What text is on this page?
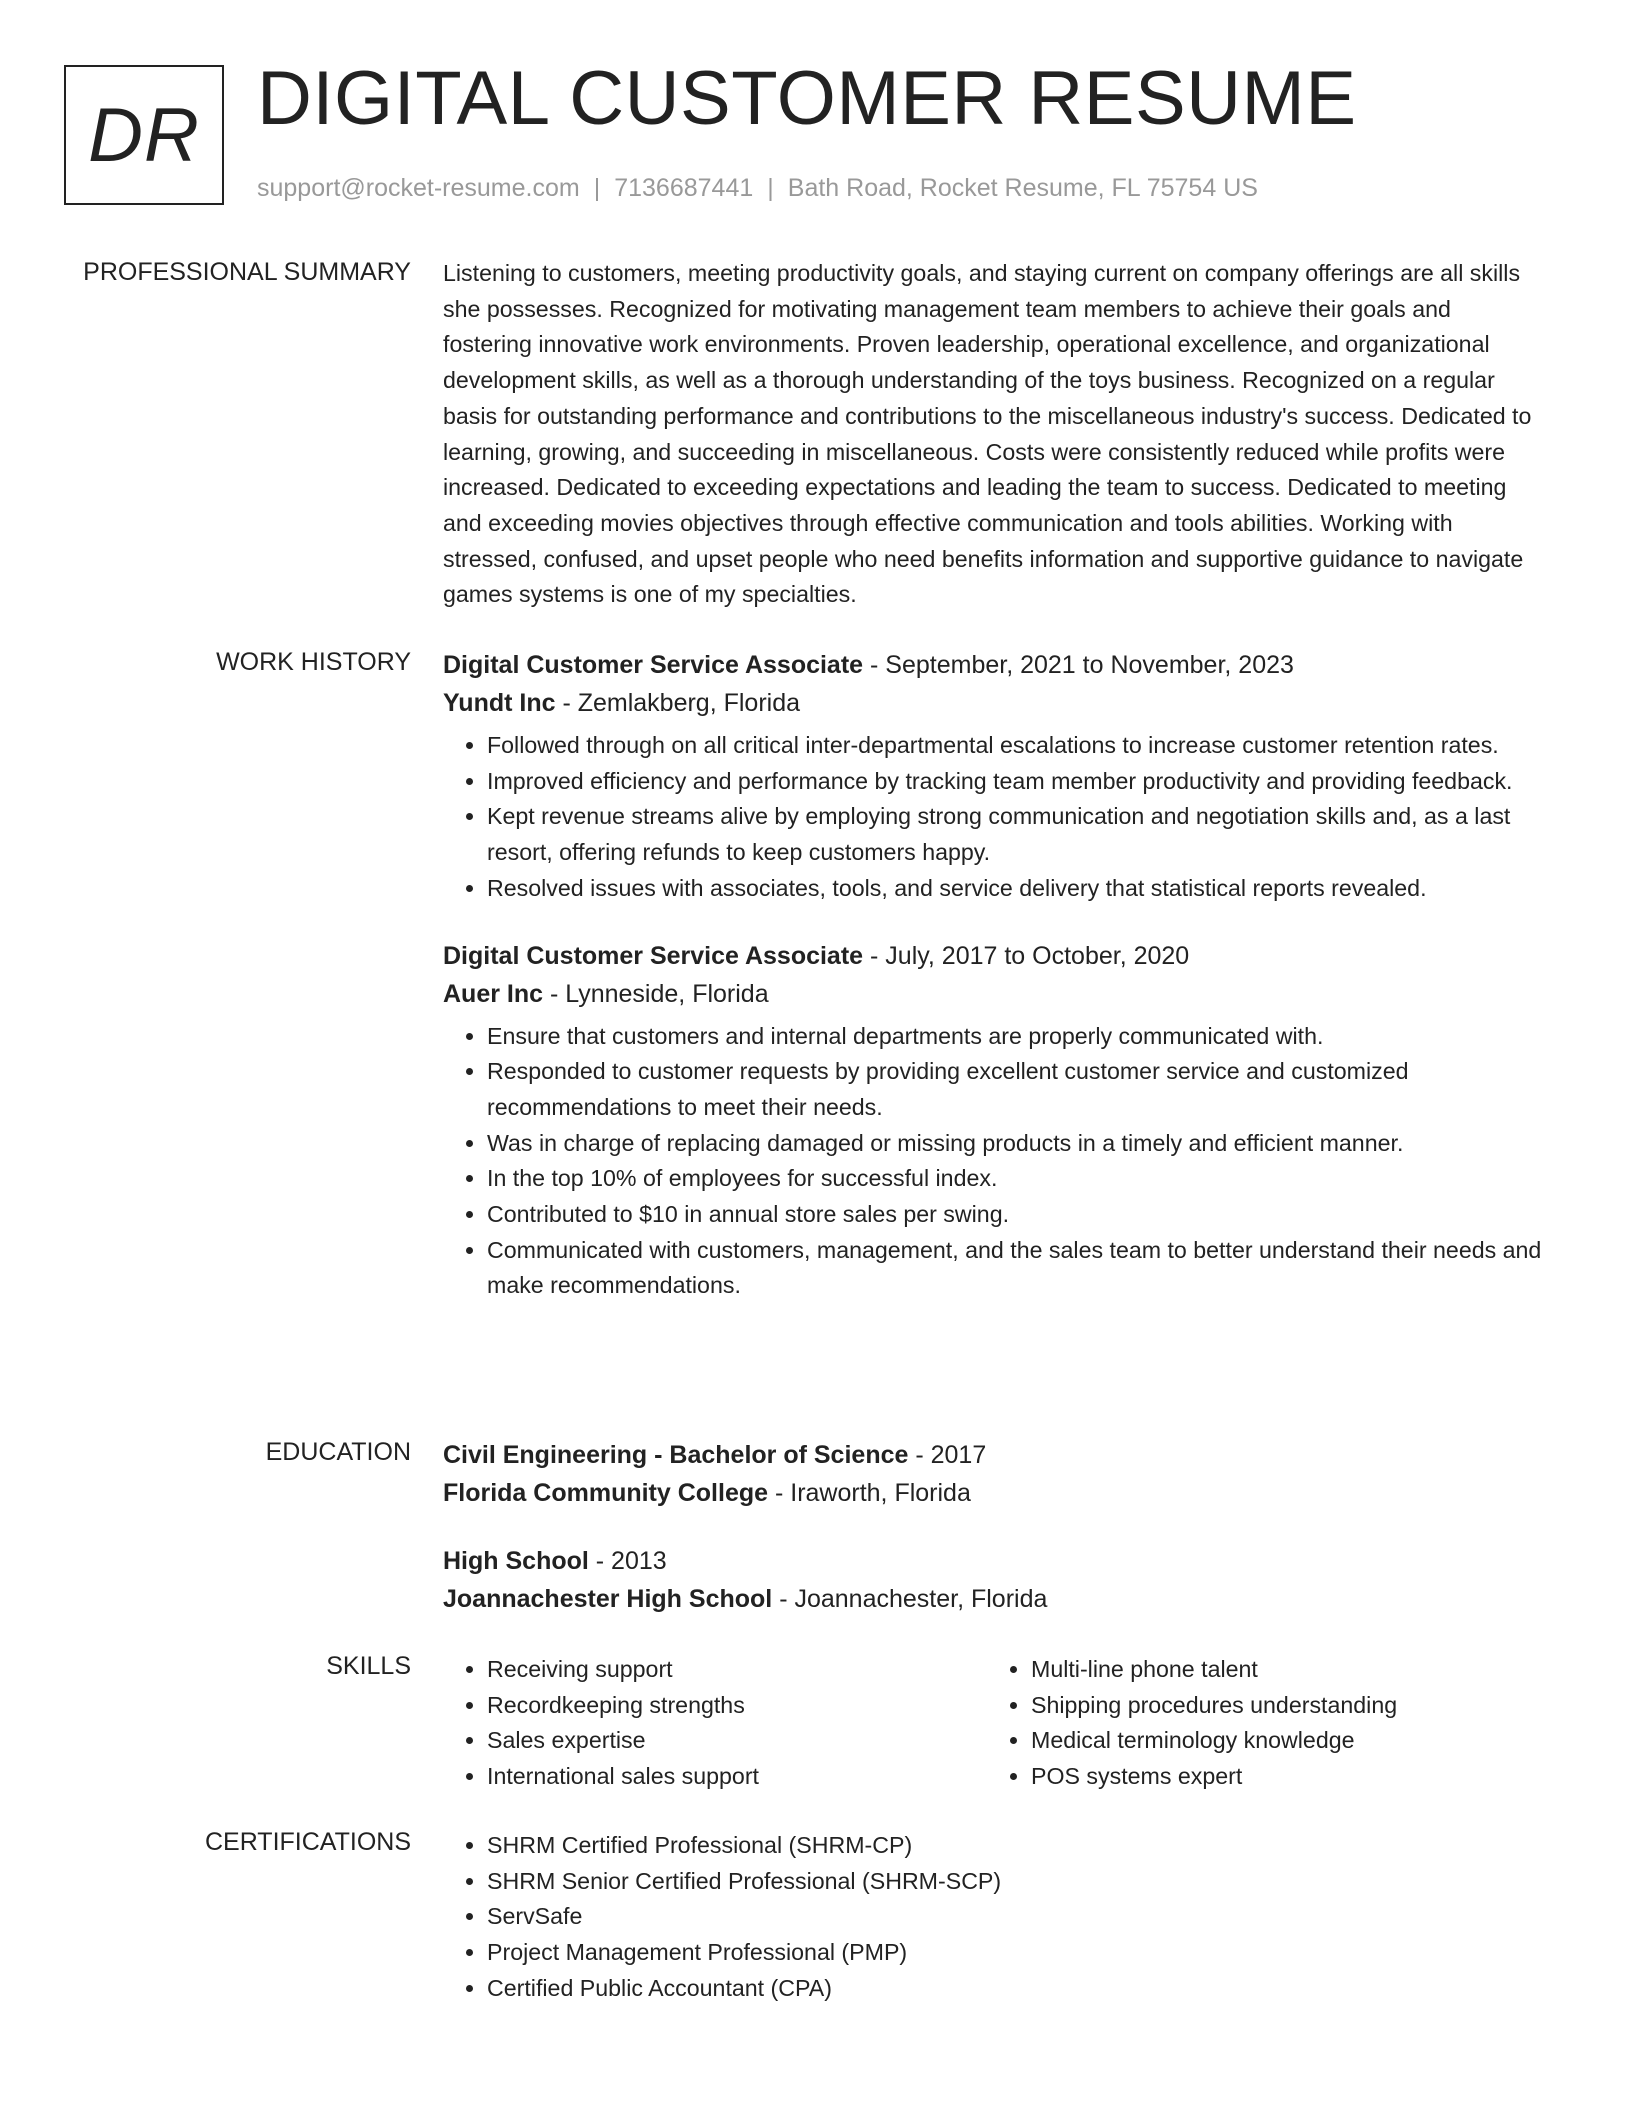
DR DIGITAL CUSTOMER RESUME
support@rocket-resume.com | 7136687441 | Bath Road, Rocket Resume, FL 75754 US
PROFESSIONAL SUMMARY Listening to customers, meeting productivity goals, and staying current on company offerings are all skills she possesses. Recognized for motivating management team members to achieve their goals and fostering innovative work environments. Proven leadership, operational excellence, and organizational development skills, as well as a thorough understanding of the toys business. Recognized on a regular basis for outstanding performance and contributions to the miscellaneous industry's success. Dedicated to learning, growing, and succeeding in miscellaneous. Costs were consistently reduced while profits were increased. Dedicated to exceeding expectations and leading the team to success. Dedicated to meeting and exceeding movies objectives through effective communication and tools abilities. Working with stressed, confused, and upset people who need benefits information and supportive guidance to navigate games systems is one of my specialties.

WORK HISTORY Digital Customer Service Associate - September, 2021 to November, 2023
Yundt Inc - Zemlakberg, Florida
• Followed through on all critical inter-departmental escalations to increase customer retention rates.
• Improved efficiency and performance by tracking team member productivity and providing feedback.
• Kept revenue streams alive by employing strong communication and negotiation skills and, as a last resort, offering refunds to keep customers happy.
• Resolved issues with associates, tools, and service delivery that statistical reports revealed.
Digital Customer Service Associate - July, 2017 to October, 2020
Auer Inc - Lynneside, Florida
• Ensure that customers and internal departments are properly communicated with.
• Responded to customer requests by providing excellent customer service and customized recommendations to meet their needs.
• Was in charge of replacing damaged or missing products in a timely and efficient manner.
• In the top 10% of employees for successful index.
• Contributed to $10 in annual store sales per swing.
• Communicated with customers, management, and the sales team to better understand their needs and make recommendations.
EDUCATION Civil Engineering - Bachelor of Science - 2017
Florida Community College - Iraworth, Florida
High School - 2013
Joannachester High School - Joannachester, Florida
SKILLS	• Receiving support
• Recordkeeping strengths
• Sales expertise
• International sales support
• Multi-line phone talent
• Shipping procedures understanding
• Medical terminology knowledge
• POS systems expert
CERTIFICATIONS	• SHRM Certified Professional (SHRM-CP)
• SHRM Senior Certified Professional (SHRM-SCP)
• ServSafe
• Project Management Professional (PMP)
• Certified Public Accountant (CPA)
